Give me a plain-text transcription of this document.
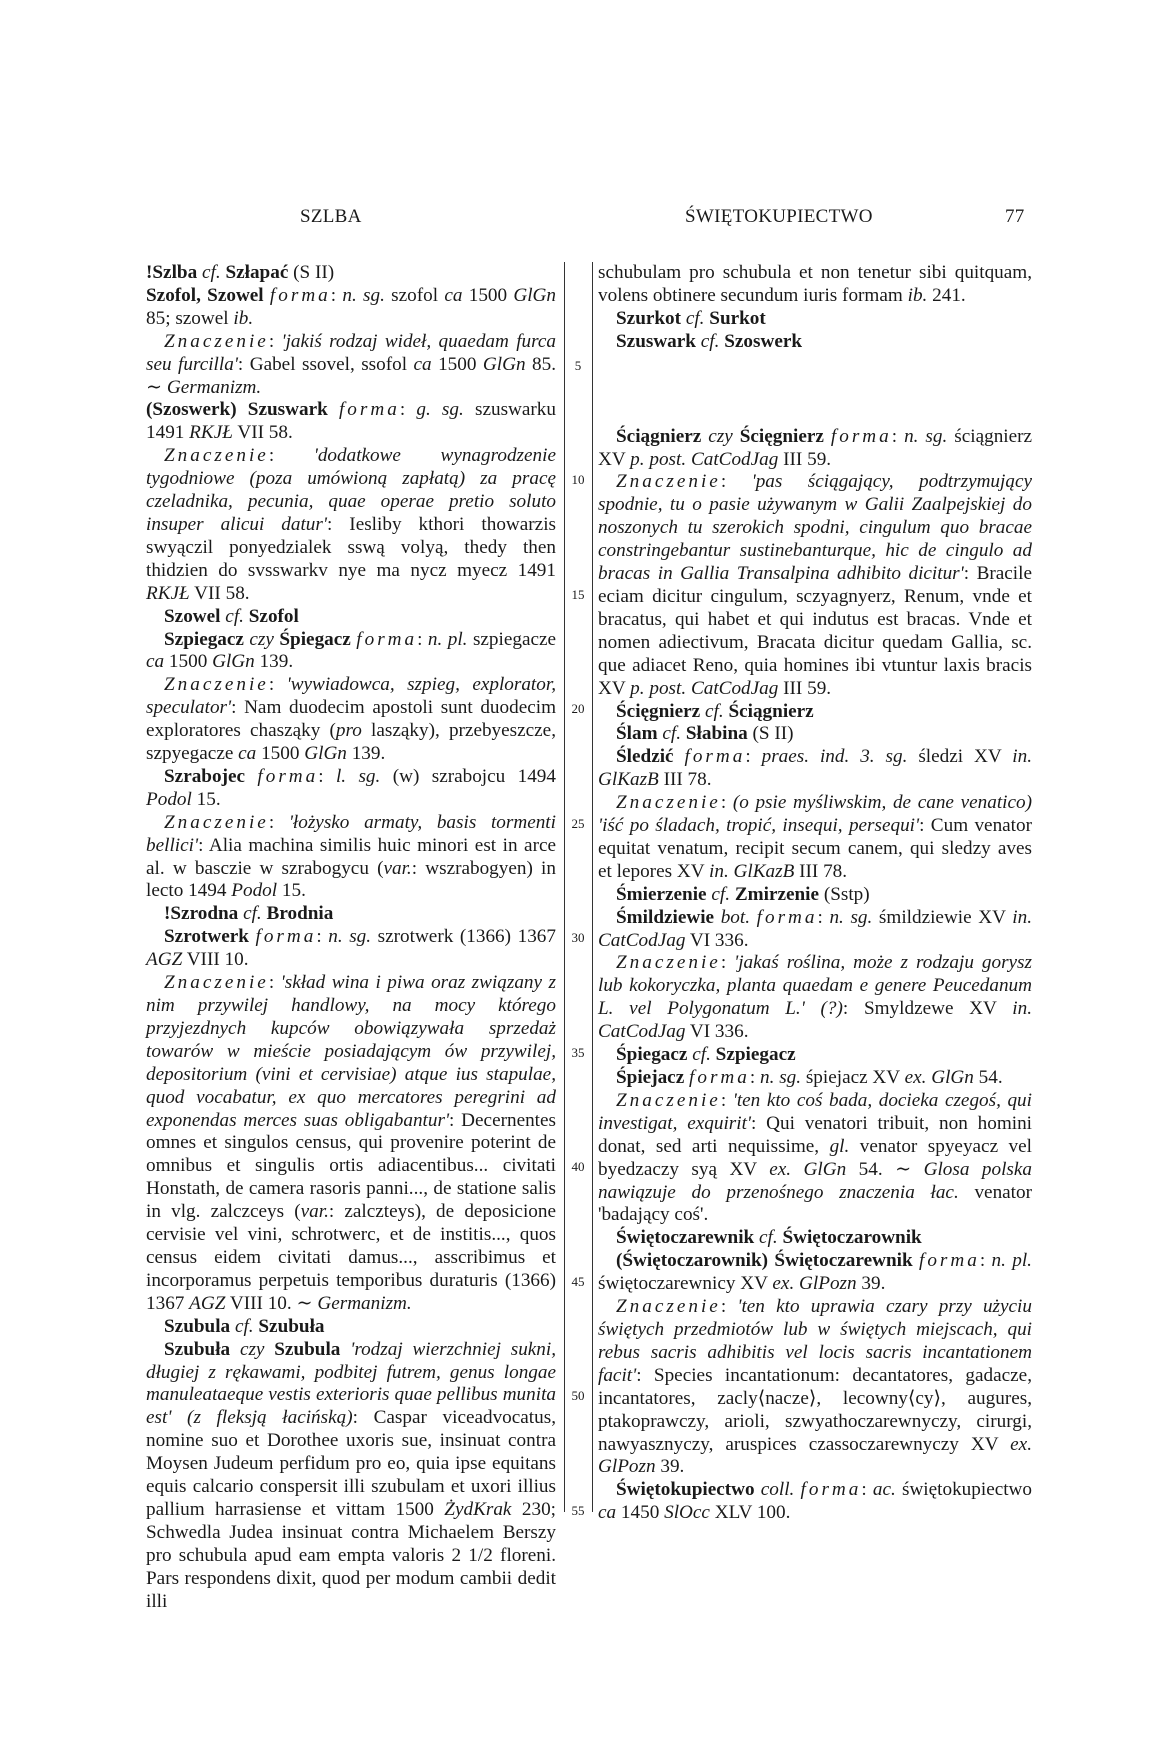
SZLBA	ŚWIĘTOKUPIECTWO	77

!Szlba cf. Szłapać (S II)

Szofol, Szowel forma: n. sg. szofol ca 1500 GlGn 85; szowel ib.

Znaczenie: 'jakiś rodzaj wideł, quaedam furca seu furcilla': Gabel ssovel, ssofol ca 1500 GlGn 85. ∼ Germanizm.

(Szoswerk) Szuswark forma: g. sg. szuswarku 1491 RKJŁ VII 58.

Znaczenie: 'dodatkowe wynagrodzenie tygodniowe (poza umówioną zapłatą) za pracę czeladnika, pecunia, quae operae pretio soluto insuper alicui datur': Iesliby kthori thowarzis swyączil ponyedzialek sswą volyą, thedy then thidzien do svsswarkv nye ma nycz myecz 1491 RKJŁ VII 58.

Szowel cf. Szofol

Szpiegacz czy Śpiegacz forma: n. pl. szpiegacze ca 1500 GlGn 139.

Znaczenie: 'wywiadowca, szpieg, explorator, speculator': Nam duodecim apostoli sunt duodecim exploratores chasząky (pro lasząky), przebyeszcze, szpyegacze ca 1500 GlGn 139.

Szrabojec forma: l. sg. (w) szrabojcu 1494 Podol 15.

Znaczenie: 'łożysko armaty, basis tormenti bellici': Alia machina similis huic minori est in arce al. w basczie w szrabogycu (var.: wszrabogyen) in lecto 1494 Podol 15.

!Szrodna cf. Brodnia

Szrotwerk forma: n. sg. szrotwerk (1366) 1367 AGZ VIII 10.

Znaczenie: 'skład wina i piwa oraz związany z nim przywilej handlowy, na mocy którego przyjezdnych kupców obowiązywała sprzedaż towarów w mieście posiadającym ów przywilej, depositorium (vini et cervisiae) atque ius stapulae, quod vocabatur, ex quo mercatores peregrini ad exponendas merces suas obligabantur': Decernentes omnes et singulos census, qui provenire poterint de omnibus et singulis ortis adiacentibus... civitati Honstath, de camera rasoris panni..., de statione salis in vlg. zalczceys (var.: zalczteys), de deposicione cervisie vel vini, schrotwerc, et de institis..., quos census eidem civitati damus..., asscribimus et incorporamus perpetuis temporibus duraturis (1366) 1367 AGZ VIII 10. ∼ Germanizm.

Szubula cf. Szubuła

Szubuła czy Szubula 'rodzaj wierzchniej sukni, długiej z rękawami, podbitej futrem, genus longae manuleataeque vestis exterioris quae pellibus munita est' (z fleksją łacińską): Caspar viceadvocatus, nomine suo et Dorothee uxoris sue, insinuat contra Moysen Judeum perfidum pro eo, quia ipse equitans equis calcario conspersit illi szubulam et uxori illius pallium harrasiense et vittam 1500 ŻydKrak 230; Schwedla Judea insinuat contra Michaelem Berszy pro schubula apud eam empta valoris 2 1/2 floreni. Pars respondens dixit, quod per modum cambii dedit illi

5
10
15
20
25
30
35
40
45
50
55

schubulam pro schubula et non tenetur sibi quitquam, volens obtinere secundum iuris formam ib. 241.

Szurkot cf. Surkot

Szuswark cf. Szoswerk

Ściągnierz czy Ścięgnierz forma: n. sg. ściągnierz XV p. post. CatCodJag III 59.

Znaczenie: 'pas ściągający, podtrzymujący spodnie, tu o pasie używanym w Galii Zaalpejskiej do noszonych tu szerokich spodni, cingulum quo bracae constringebantur sustinebanturque, hic de cingulo ad bracas in Gallia Transalpina adhibito dicitur': Bracile eciam dicitur cingulum, sczyagnyerz, Renum, vnde et bracatus, qui habet et qui indutus est bracas. Vnde et nomen adiectivum, Bracata dicitur quedam Gallia, sc. que adiacet Reno, quia homines ibi vtuntur laxis bracis XV p. post. CatCodJag III 59.

Ścięgnierz cf. Ściągnierz

Ślam cf. Słabina (S II)

Śledzić forma: praes. ind. 3. sg. śledzi XV in. GlKazB III 78.

Znaczenie: (o psie myśliwskim, de cane venatico) 'iść po śladach, tropić, insequi, persequi': Cum venator equitat venatum, recipit secum canem, qui sledzy aves et lepores XV in. GlKazB III 78.

Śmierzenie cf. Zmirzenie (Sstp)

Śmildziewie bot. forma: n. sg. śmildziewie XV in. CatCodJag VI 336.

Znaczenie: 'jakaś roślina, może z rodzaju gorysz lub kokoryczka, planta quaedam e genere Peucedanum L. vel Polygonatum L.' (?): Smyldzewe XV in. CatCodJag VI 336.

Śpiegacz cf. Szpiegacz

Śpiejacz forma: n. sg. śpiejacz XV ex. GlGn 54.

Znaczenie: 'ten kto coś bada, docieka czegoś, qui investigat, exquirit': Qui venatori tribuit, non homini donat, sed arti nequissime, gl. venator spyeyacz vel byedzaczy syą XV ex. GlGn 54. ∼ Glosa polska nawiązuje do przenośnego znaczenia łac. venator 'badający coś'.

Świętoczarewnik cf. Świętoczarownik

(Świętoczarownik) Świętoczarewnik forma: n. pl. świętoczarewnicy XV ex. GlPozn 39.

Znaczenie: 'ten kto uprawia czary przy użyciu świętych przedmiotów lub w świętych miejscach, qui rebus sacris adhibitis vel locis sacris incantationem facit': Species incantationum: decantatores, gadacze, incantatores, zacly⟨nacze⟩, lecowny⟨cy⟩, augures, ptakoprawczy, arioli, szwyathoczarewnyczy, cirurgi, nawyasznyczy, aruspices czassoczarewnyczy XV ex. GlPozn 39.

Świętokupiectwo coll. forma: ac. świętokupiectwo ca 1450 SlOcc XLV 100.
